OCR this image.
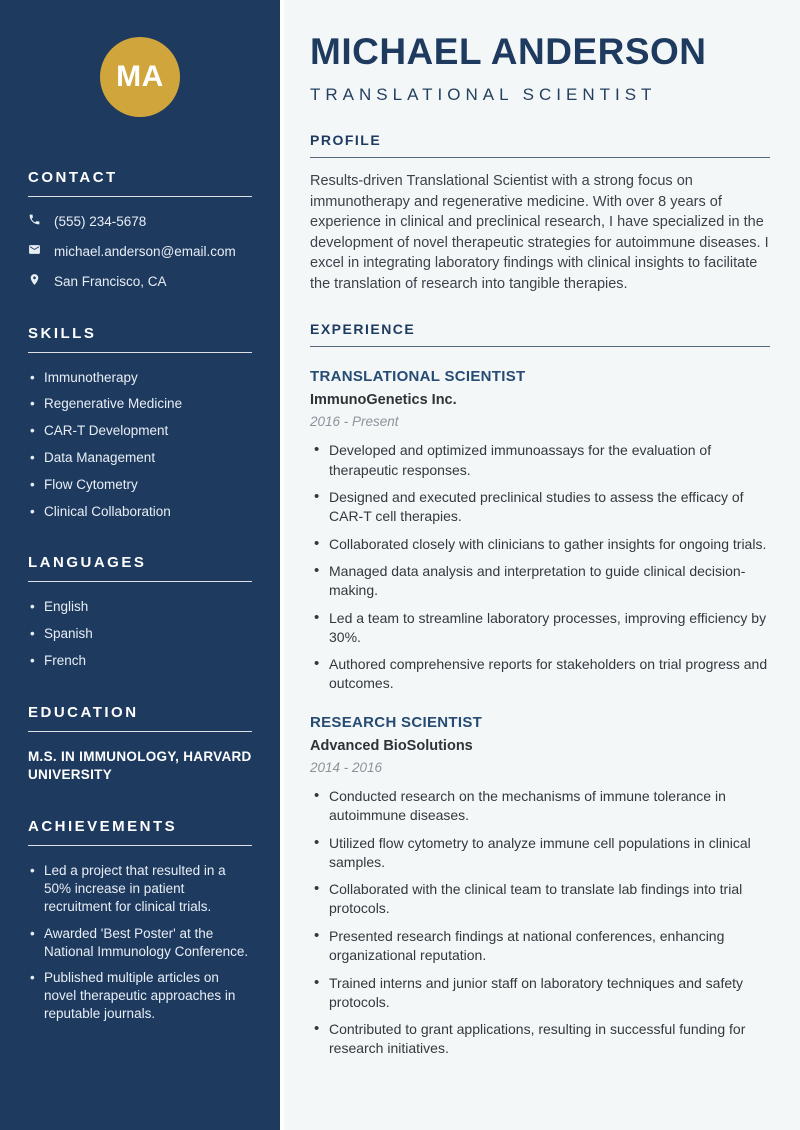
MA
CONTACT
(555) 234-5678
michael.anderson@email.com
San Francisco, CA
SKILLS
• Immunotherapy
• Regenerative Medicine
• CAR-T Development
• Data Management
• Flow Cytometry
• Clinical Collaboration
LANGUAGES
• English
• Spanish
• French
EDUCATION

M.S. IN IMMUNOLOGY, HARVARD UNIVERSITY

ACHIEVEMENTS
• Led a project that resulted in a 50% increase in patient recruitment for clinical trials.
• Awarded 'Best Poster' at the National Immunology Conference.
• Published multiple articles on novel therapeutic approaches in reputable journals.
MICHAEL ANDERSON
TRANSLATIONAL SCIENTIST
PROFILE

Results-driven Translational Scientist with a strong focus on immunotherapy and regenerative medicine. With over 8 years of experience in clinical and preclinical research, I have specialized in the development of novel therapeutic strategies for autoimmune diseases. I excel in integrating laboratory findings with clinical insights to facilitate the translation of research into tangible therapies.

EXPERIENCE
TRANSLATIONAL SCIENTIST
ImmunoGenetics Inc.
2016 - Present
• Developed and optimized immunoassays for the evaluation of therapeutic responses.
• Designed and executed preclinical studies to assess the efficacy of CAR-T cell therapies.
• Collaborated closely with clinicians to gather insights for ongoing trials.
• Managed data analysis and interpretation to guide clinical decision-making.
• Led a team to streamline laboratory processes, improving efficiency by 30%.
• Authored comprehensive reports for stakeholders on trial progress and outcomes.
RESEARCH SCIENTIST
Advanced BioSolutions
2014 - 2016
• Conducted research on the mechanisms of immune tolerance in autoimmune diseases.
• Utilized flow cytometry to analyze immune cell populations in clinical samples.
• Collaborated with the clinical team to translate lab findings into trial protocols.
• Presented research findings at national conferences, enhancing organizational reputation.
• Trained interns and junior staff on laboratory techniques and safety protocols.
• Contributed to grant applications, resulting in successful funding for research initiatives.
